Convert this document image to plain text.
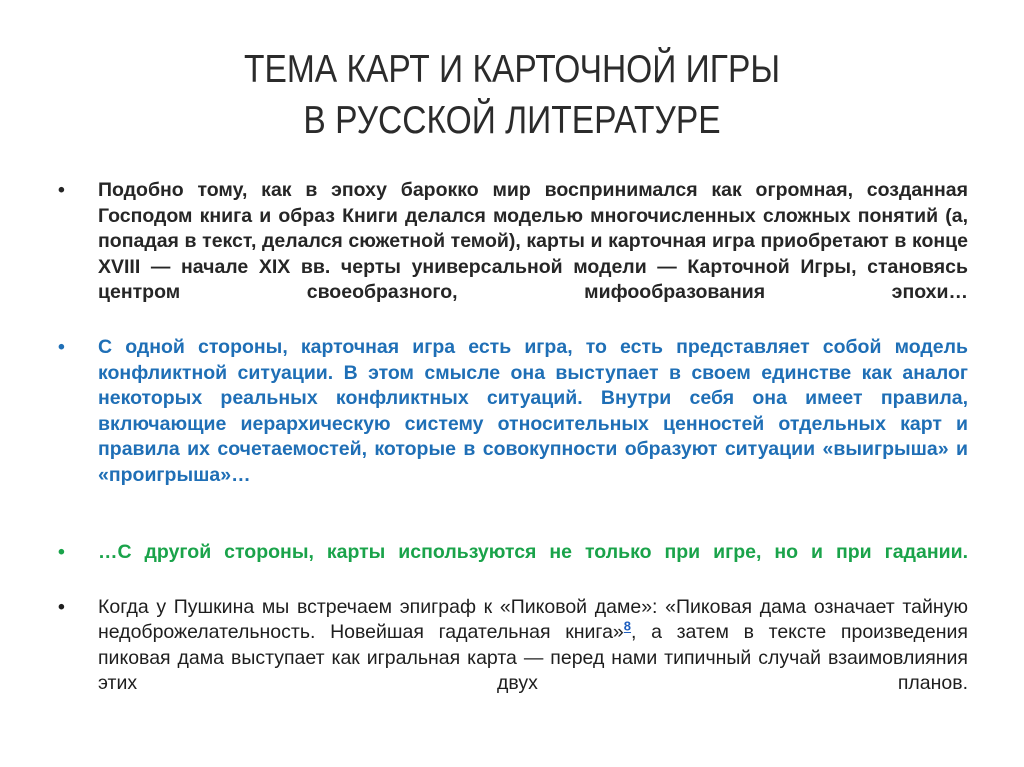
ТЕМА КАРТ И КАРТОЧНОЙ ИГРЫ
В РУССКОЙ ЛИТЕРАТУРЕ
•	Подобно тому, как в эпоху барокко мир воспринимался как огромная, созданная Господом книга и образ Книги делался моделью многочисленных сложных понятий (а, попадая в текст, делался сюжетной темой), карты и карточная игра приобретают в конце XVIII — начале XIX вв. черты универсальной модели — Карточной Игры, становясь центром своеобразного, мифообразования эпохи…
•	С одной стороны, карточная игра есть игра, то есть представляет собой модель конфликтной ситуации. В этом смысле она выступает в своем единстве как аналог некоторых реальных конфликтных ситуаций. Внутри себя она имеет правила, включающие иерархическую систему относительных ценностей отдельных карт и правила их сочетаемостей, которые в совокупности образуют ситуации «выигрыша» и «проигрыша»…
•	…С другой стороны, карты используются не только при игре, но и при гадании.
•	Когда у Пушкина мы встречаем эпиграф к «Пиковой даме»: «Пиковая дама означает тайную недоброжелательность. Новейшая гадательная книга»$^8$, а затем в тексте произведения пиковая дама выступает как игральная карта — перед нами типичный случай взаимовлияния этих двух планов.
